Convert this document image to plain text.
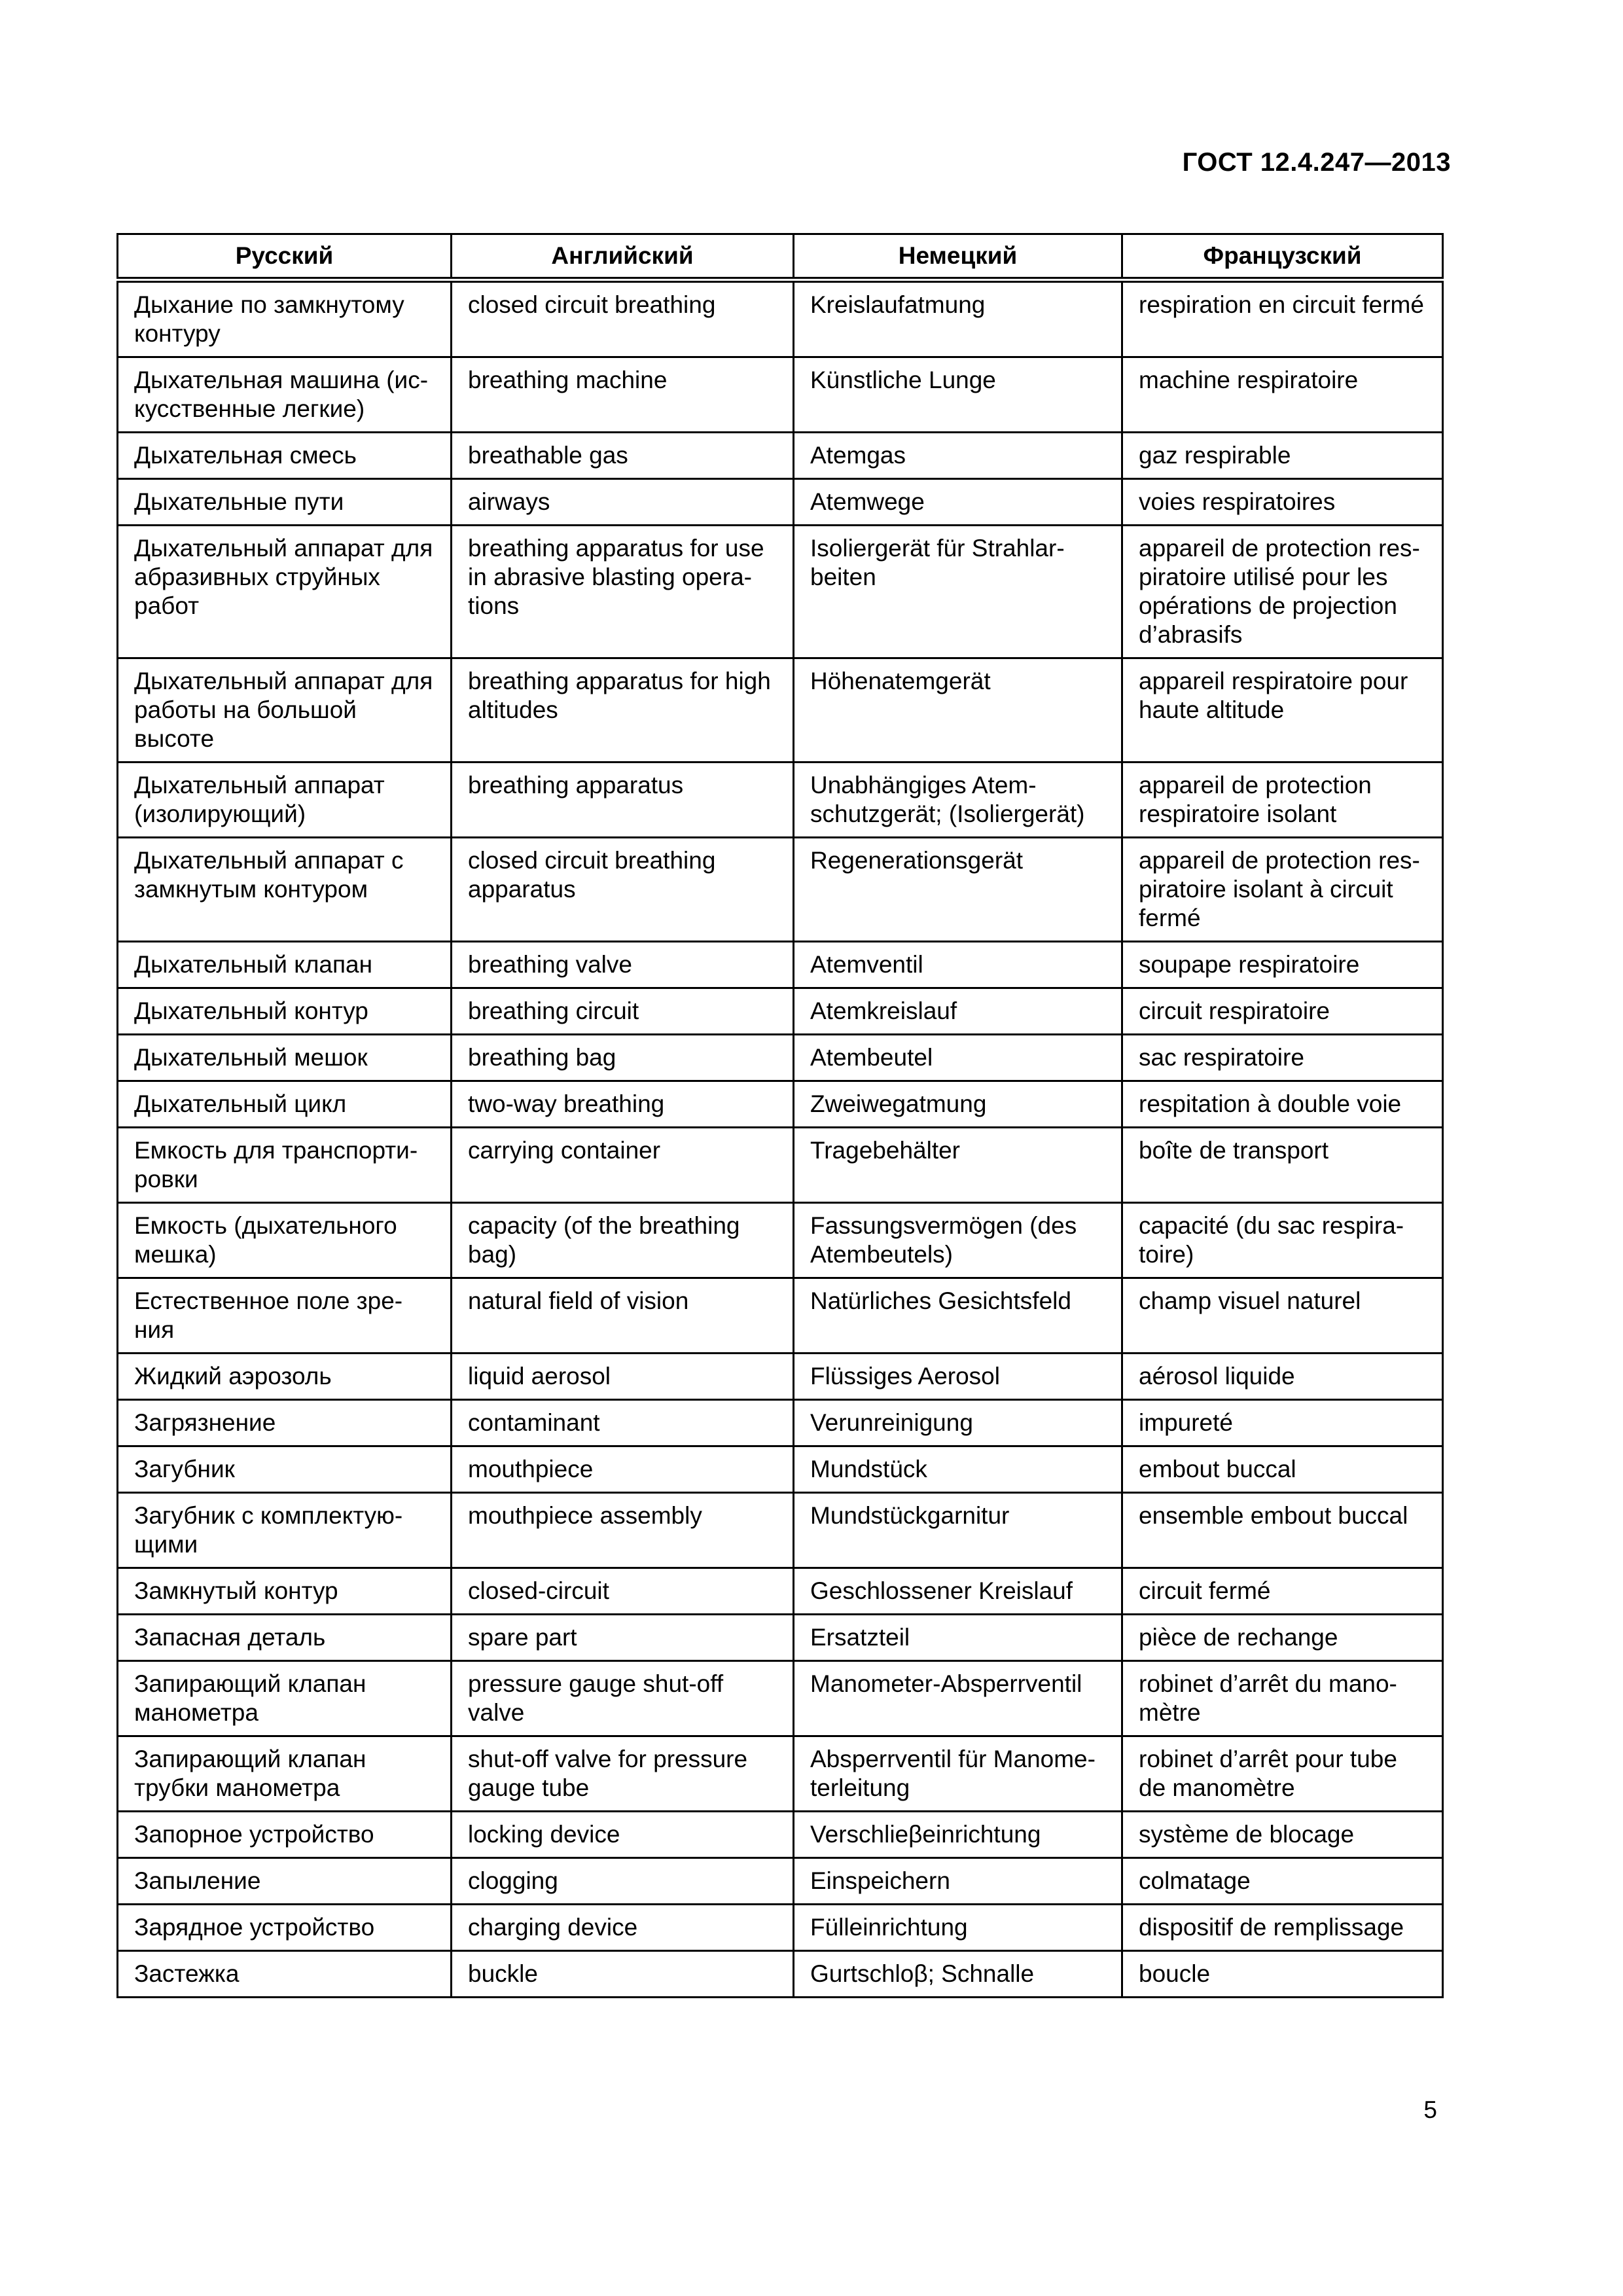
ГОСТ 12.4.247—2013
Русский	Английский	Немецкий	Французский
Дыхание по замкнутому контуру	closed circuit breathing	Kreislaufatmung	respiration en circuit fermé
Дыхательная машина (ис-кусственные легкие)	breathing machine	Künstliche Lunge	machine respiratoire
Дыхательная смесь	breathable gas	Atemgas	gaz respirable
Дыхательные пути	airways	Atemwege	voies respiratoires
Дыхательный аппарат для абразивных струйных работ	breathing apparatus for use in abrasive blasting opera-tions	Isoliergerät für Strahlar-beiten	appareil de protection res-piratoire utilisé pour les opérations de projection d’abrasifs
Дыхательный аппарат для работы на большой высоте	breathing apparatus for high altitudes	Höhenatemgerät	appareil respiratoire pour haute altitude
Дыхательный аппарат (изолирующий)	breathing apparatus	Unabhängiges Atem-schutzgerät; (Isoliergerät)	appareil de protection respiratoire isolant
Дыхательный аппарат с замкнутым контуром	closed circuit breathing apparatus	Regenerationsgerät	appareil de protection res-piratoire isolant à circuit fermé
Дыхательный клапан	breathing valve	Atemventil	soupape respiratoire
Дыхательный контур	breathing circuit	Atemkreislauf	circuit respiratoire
Дыхательный мешок	breathing bag	Atembeutel	sac respiratoire
Дыхательный цикл	two-way breathing	Zweiwegatmung	respitation à double voie
Емкость для транспорти-ровки	carrying container	Tragebehälter	boîte de transport
Емкость (дыхательного мешка)	capacity (of the breathing bag)	Fassungsvermögen (des Atembeutels)	capacité (du sac respira-toire)
Естественное поле зре-ния	natural field of vision	Natürliches Gesichtsfeld	champ visuel naturel
Жидкий аэрозоль	liquid aerosol	Flüssiges Aerosol	aérosol liquide
Загрязнение	contaminant	Verunreinigung	impureté
Загубник	mouthpiece	Mundstück	embout buccal
Загубник с комплектую-щими	mouthpiece assembly	Mundstückgarnitur	ensemble embout buccal
Замкнутый контур	closed-circuit	Geschlossener Kreislauf	circuit fermé
Запасная деталь	spare part	Ersatzteil	pièce de rechange
Запирающий клапан манометра	pressure gauge shut-off valve	Manometer-Absperrventil	robinet d’arrêt du mano-mètre
Запирающий клапан трубки манометра	shut-off valve for pressure gauge tube	Absperrventil für Manome-terleitung	robinet d’arrêt pour tube de manomètre
Запорное устройство	locking device	Verschlieβeinrichtung	système de blocage
Запыление	clogging	Einspeichern	colmatage
Зарядное устройство	charging device	Fülleinrichtung	dispositif de remplissage
Застежка	buckle	Gurtschloβ; Schnalle	boucle
5
